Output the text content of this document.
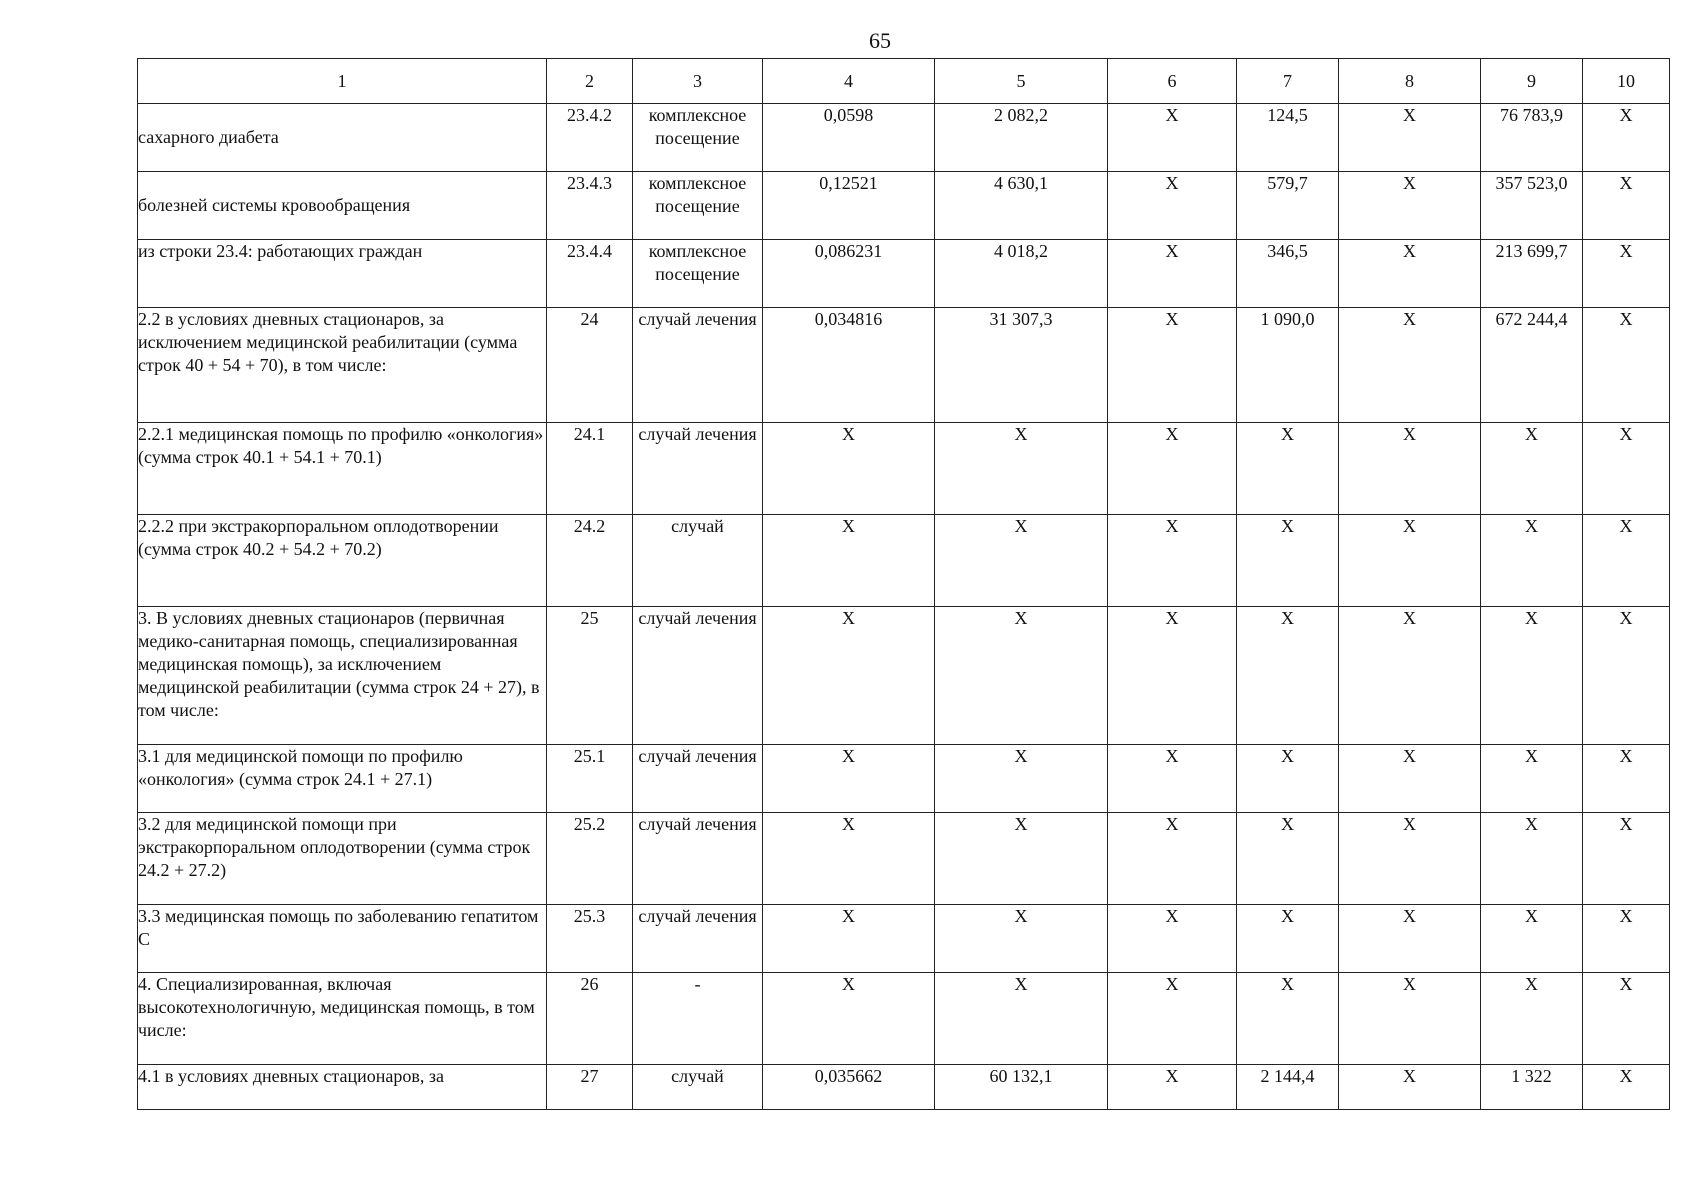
65
1	2	3	4	5	6	7	8	9	10
сахарного диабета	23.4.2	комплексное посещение	0,0598	2 082,2	Х	124,5	Х	76 783,9	Х
болезней системы кровообращения	23.4.3	комплексное посещение	0,12521	4 630,1	Х	579,7	Х	357 523,0	Х
из строки 23.4: работающих граждан	23.4.4	комплексное посещение	0,086231	4 018,2	Х	346,5	Х	213 699,7	Х
2.2 в условиях дневных стационаров, за исключением медицинской реабилитации (сумма строк 40 + 54 + 70), в том числе:	24	случай лечения	0,034816	31 307,3	Х	1 090,0	Х	672 244,4	Х
2.2.1 медицинская помощь по профилю «онкология» (сумма строк 40.1 + 54.1 + 70.1)	24.1	случай лечения	Х	Х	Х	Х	Х	Х	Х
2.2.2 при экстракорпоральном оплодотворении (сумма строк 40.2 + 54.2 + 70.2)	24.2	случай	Х	Х	Х	Х	Х	Х	Х
3. В условиях дневных стационаров (первичная медико-санитарная помощь, специализированная медицинская помощь), за исключением медицинской реабилитации (сумма строк 24 + 27), в том числе:	25	случай лечения	Х	Х	Х	Х	Х	Х	Х
3.1 для медицинской помощи по профилю «онкология» (сумма строк 24.1 + 27.1)	25.1	случай лечения	Х	Х	Х	Х	Х	Х	Х
3.2 для медицинской помощи при экстракорпоральном оплодотворении (сумма строк 24.2 + 27.2)	25.2	случай лечения	Х	Х	Х	Х	Х	Х	Х
3.3 медицинская помощь по заболеванию гепатитом С	25.3	случай лечения	Х	Х	Х	Х	Х	Х	Х
4. Специализированная, включая высокотехнологичную, медицинская помощь, в том числе:	26	-	Х	Х	Х	Х	Х	Х	Х
4.1 в условиях дневных стационаров, за	27	случай	0,035662	60 132,1	Х	2 144,4	Х	1 322	Х
